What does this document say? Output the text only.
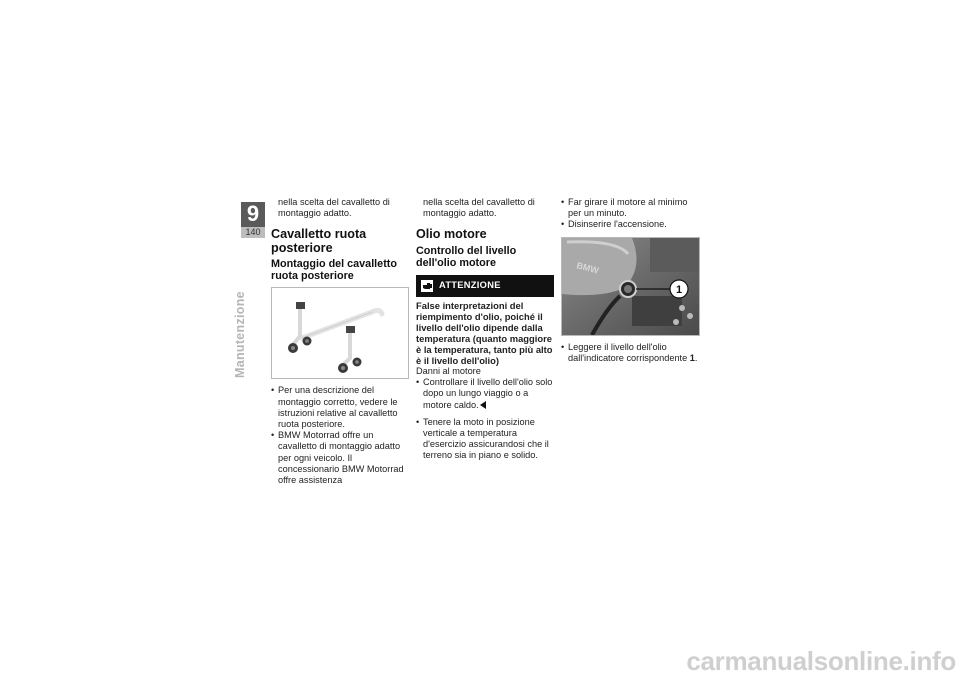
9
140
Manutenzione

nella scelta del cavalletto di montaggio adatto.

Cavalletto ruota posteriore
Montaggio del cavalletto ruota posteriore
• Per una descrizione del montaggio corretto, vedere le istruzioni relative al cavalletto ruota posteriore.
• BMW Motorrad offre un cavalletto di montaggio adatto per ogni veicolo. Il concessionario BMW Motorrad offre assistenza

nella scelta del cavalletto di montaggio adatto.

Olio motore
Controllo del livello dell'olio motore
ATTENZIONE

False interpretazioni del riempimento d'olio, poiché il livello dell'olio dipende dalla temperatura (quanto maggiore è la temperatura, tanto più alto è il livello dell'olio)

Danni al motore

• Controllare il livello dell'olio solo dopo un lungo viaggio o a motore caldo.
• Tenere la moto in posizione verticale a temperatura d'esercizio assicurandosi che il terreno sia in piano e solido.
• Far girare il motore al minimo per un minuto.
• Disinserire l'accensione.
BMW
1
• Leggere il livello dell'olio dall'indicatore corrispondente 1.
carmanualsonline.info
